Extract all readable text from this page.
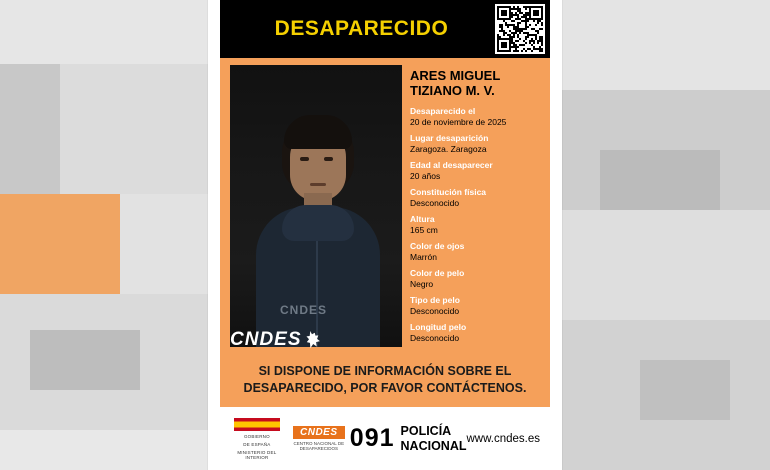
DESAPARECIDO
CNDES
ARES MIGUEL
TIZIANO M. V.
Desaparecido el
20 de noviembre de 2025
Lugar desaparición
Zaragoza. Zaragoza
Edad al desaparecer
20 años
Constitución física
Desconocido
Altura
165 cm
Color de ojos
Marrón
Color de pelo
Negro
Tipo de pelo
Desconocido
Longitud pelo
Desconocido
CNDES
SI DISPONE DE INFORMACIÓN SOBRE EL
DESAPARECIDO, POR FAVOR CONTÁCTENOS.
GOBIERNO
DE ESPAÑA
MINISTERIO DEL INTERIOR
CNDES
CENTRO NACIONAL DE DESAPARECIDOS 091 POLICÍA
NACIONAL www.cndes.es
